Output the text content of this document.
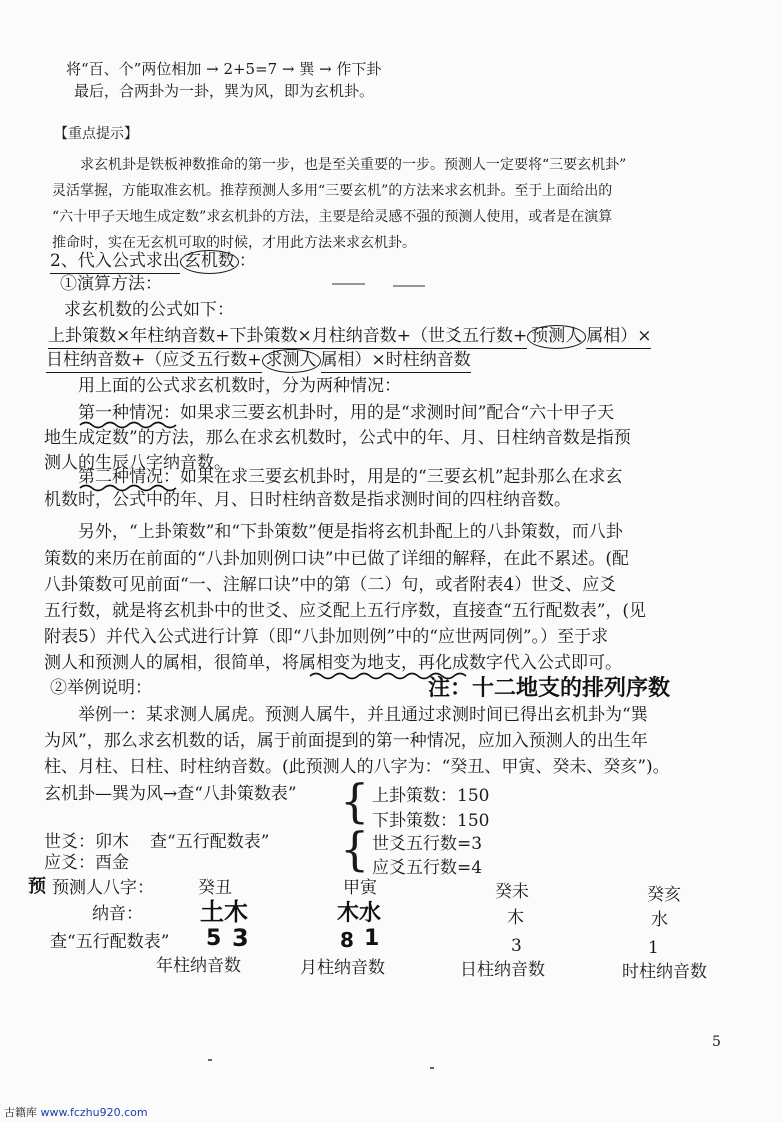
将“百、个”两位相加 → 2+5=7 → 巽 → 作下卦
最后，合两卦为一卦，巽为风，即为玄机卦。
【重点提示】
求玄机卦是铁板神数推命的第一步，也是至关重要的一步。预测人一定要将“三要玄机卦”
灵活掌握，方能取准玄机。推荐预测人多用“三要玄机”的方法来求玄机卦。至于上面给出的
“六十甲子天地生成定数”求玄机卦的方法，主要是给灵感不强的预测人使用，或者是在演算
推命时，实在无玄机可取的时候，才用此方法来求玄机卦。
2、代入公式求出 玄机数 ：
①演算方法：
求玄机数的公式如下：
上卦策数×年柱纳音数+下卦策数×月柱纳音数+（世爻五行数+ 预测人 属相）×
日柱纳音数+（应爻五行数+ 求测人 属相）×时柱纳音数
用上面的公式求玄机数时，分为两种情况：
第一种情况：如果求三要玄机卦时，用的是“求测时间”配合“六十甲子天
地生成定数”的方法，那么在求玄机数时，公式中的年、月、日柱纳音数是指预
测人的生辰八字纳音数。
第二种情况：如果在求三要玄机卦时，用是的“三要玄机”起卦那么在求玄
机数时，公式中的年、月、日时柱纳音数是指求测时间的四柱纳音数。
另外，“上卦策数”和“下卦策数”便是指将玄机卦配上的八卦策数，而八卦
策数的来历在前面的“八卦加则例口诀”中已做了详细的解释，在此不累述。(配
八卦策数可见前面“一、注解口诀”中的第（二）句，或者附表4）世爻、应爻
五行数，就是将玄机卦中的世爻、应爻配上五行序数，直接查“五行配数表”，(见
附表5）并代入公式进行计算（即“八卦加则例”中的“应世两同例”。）至于求
测人和预测人的属相，很简单，将属相变为地支，再化成数字代入公式即可。
②举例说明：	注：十二地支的排列序数
举例一：某求测人属虎。预测人属牛，并且通过求测时间已得出玄机卦为“巽
为风”，那么求玄机数的话，属于前面提到的第一种情况，应加入预测人的出生年
柱、月柱、日柱、时柱纳音数。(此预测人的八字为：“癸丑、甲寅、癸未、癸亥”)。
玄机卦—巽为风→查“八卦策数表” { 上卦策数：150
下卦策数：150
世爻：卯木 查“五行配数表” { 世爻五行数=3
应爻：酉金	应爻五行数=4
预 预测人八字：	癸丑	甲寅	癸未	癸亥
纳音： 土木	木水	木	水
查“五行配数表” 5 3	8 1	3	1
年柱纳音数	月柱纳音数	日柱纳音数	时柱纳音数
5
古籍库 www.fczhu920.com
